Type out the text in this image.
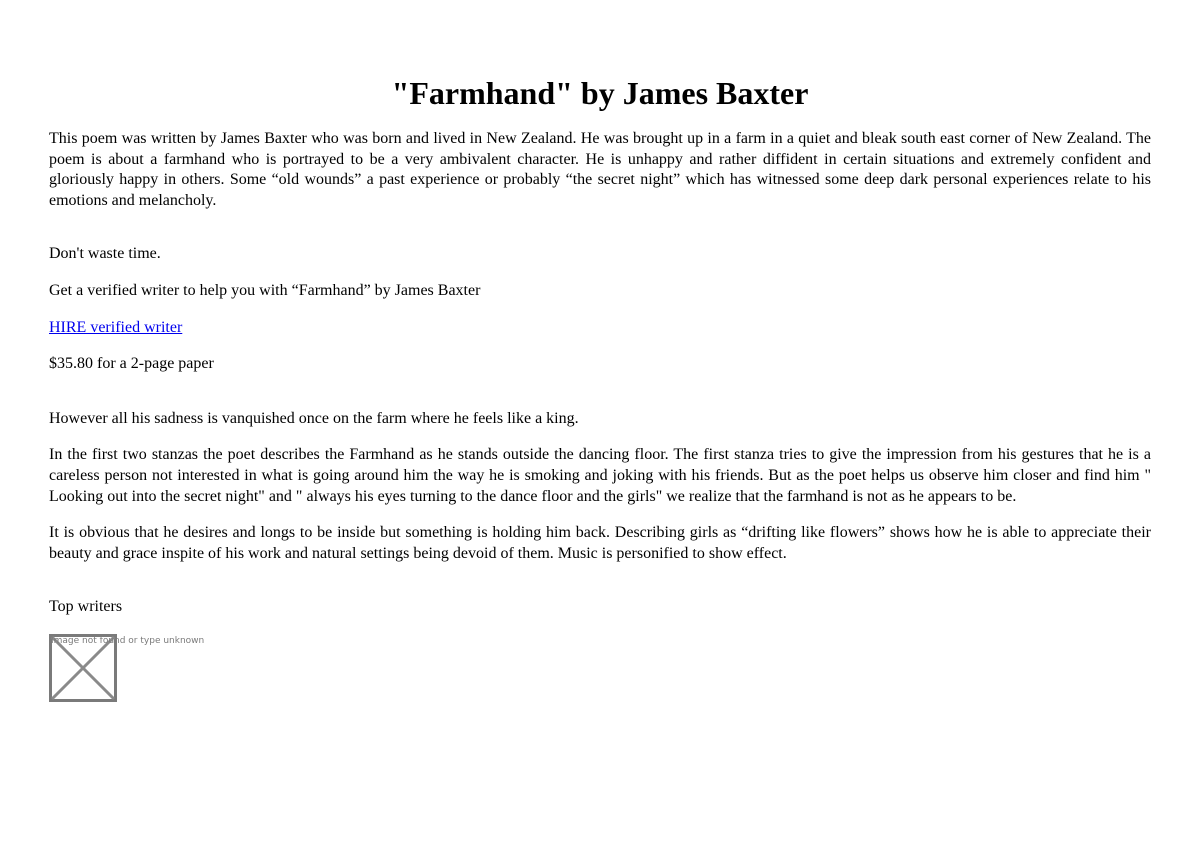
"Farmhand" by James Baxter

This poem was written by James Baxter who was born and lived in New Zealand. He was brought up in a farm in a quiet and bleak south east corner of New Zealand. The poem is about a farmhand who is portrayed to be a very ambivalent character. He is unhappy and rather diffident in certain situations and extremely confident and gloriously happy in others. Some “old wounds” a past experience or probably “the secret night” which has witnessed some deep dark personal experiences relate to his emotions and melancholy.

Don't waste time.

Get a verified writer to help you with “Farmhand” by James Baxter

HIRE verified writer

$35.80 for a 2-page paper

However all his sadness is vanquished once on the farm where he feels like a king.

In the first two stanzas the poet describes the Farmhand as he stands outside the dancing floor. The first stanza tries to give the impression from his gestures that he is a careless person not interested in what is going around him the way he is smoking and joking with his friends. But as the poet helps us observe him closer and find him " Looking out into the secret night" and " always his eyes turning to the dance floor and the girls" we realize that the farmhand is not as he appears to be.

It is obvious that he desires and longs to be inside but something is holding him back. Describing girls as “drifting like flowers” shows how he is able to appreciate their beauty and grace inspite of his work and natural settings being devoid of them. Music is personified to show effect.

Top writers

Image not found or type unknown
